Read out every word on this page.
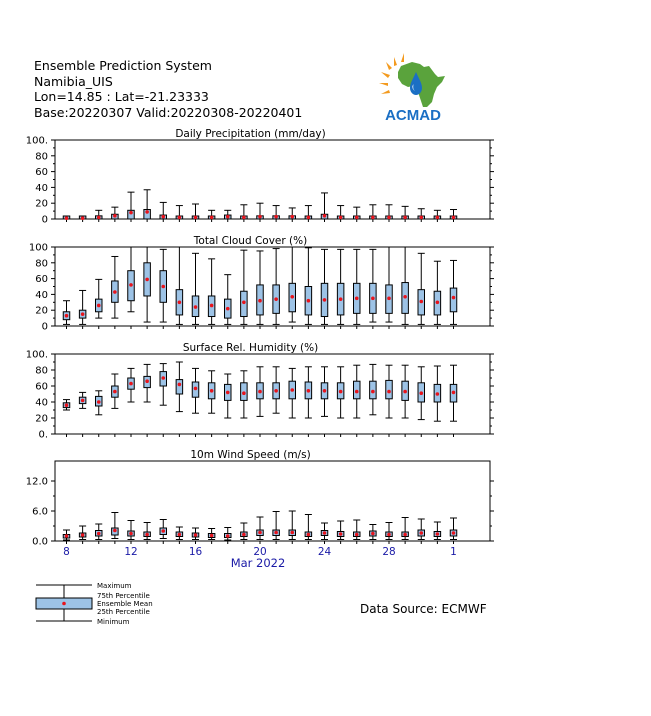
Ensemble Prediction System
Namibia_UIS
Lon=14.85 : Lat=-21.23333
Base:20220307 Valid:20220308-20220401	ACMAD
Daily Precipitation (mm/day)
0
20
40
60
80
100.
Total Cloud Cover (%)
0
20
40
60
80
100
Surface Rel. Humidity (%)
0.
20
40
60
80
100.
10m Wind Speed (m/s)
0.0
6.0
12.0
8	12	16	20	24	28	1
Mar 2022
Maximum
75th Percentile
Ensemble Mean
25th Percentile
Minimum
Data Source: ECMWF
